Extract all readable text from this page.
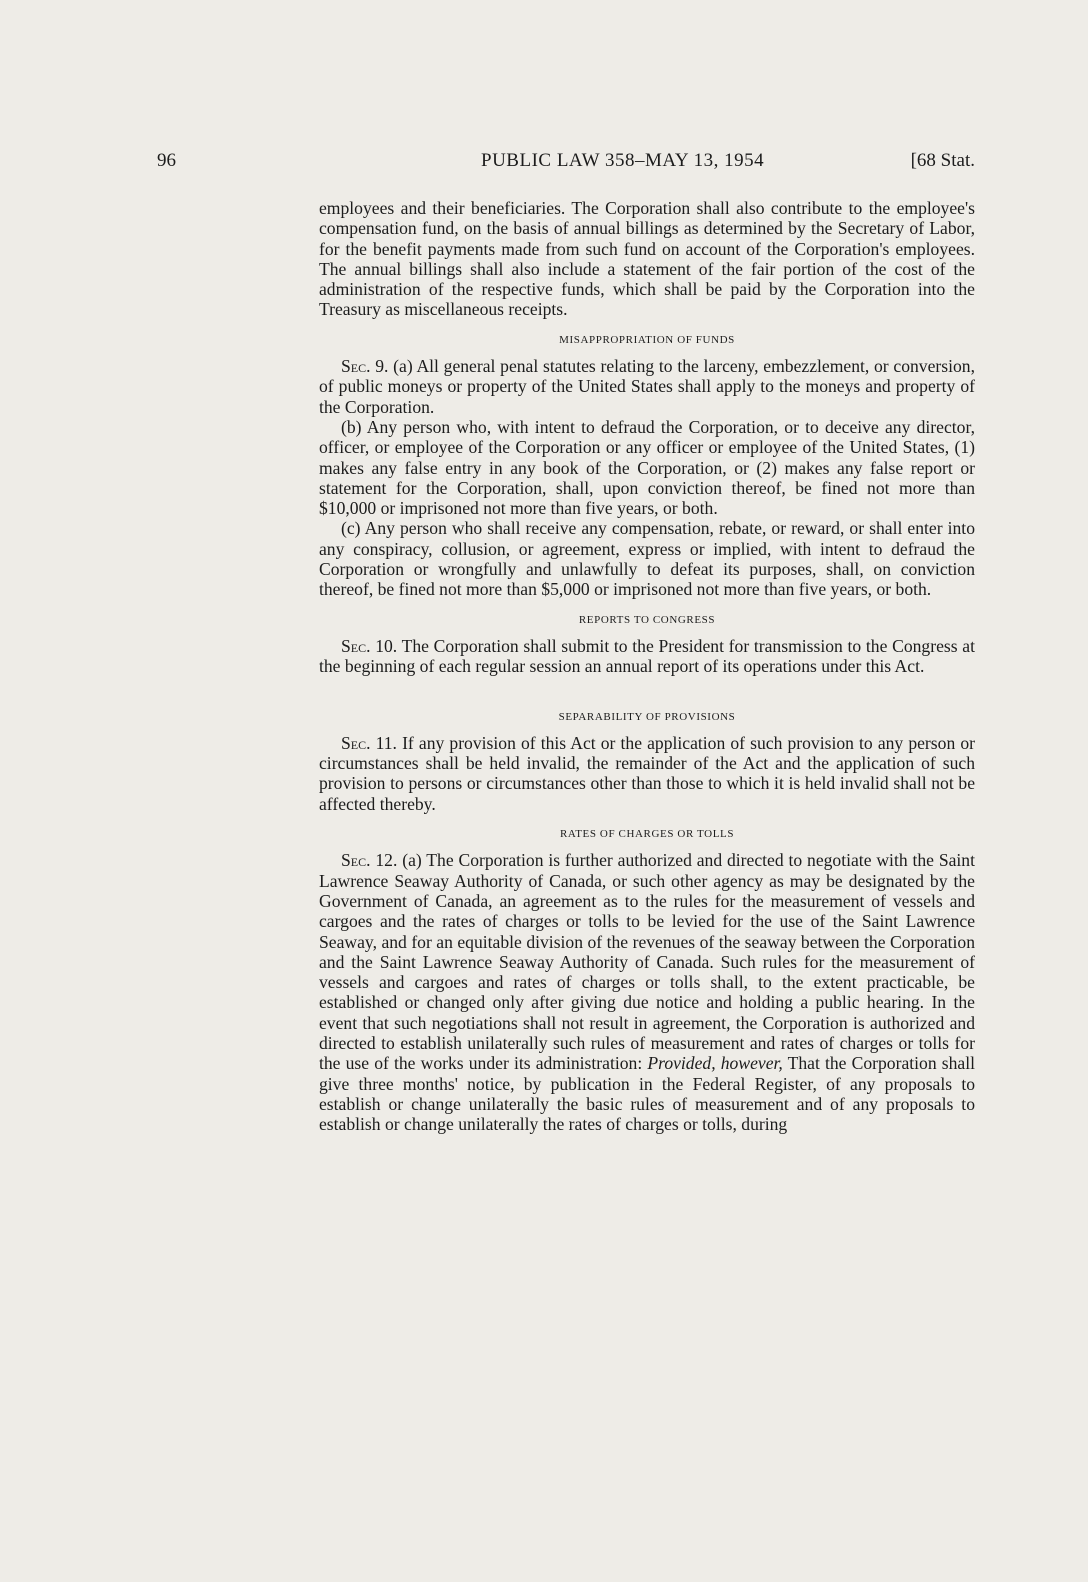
96	PUBLIC LAW 358–MAY 13, 1954	[68 Stat.

employees and their beneficiaries. The Corporation shall also contribute to the employee's compensation fund, on the basis of annual billings as determined by the Secretary of Labor, for the benefit payments made from such fund on account of the Corporation's employees. The annual billings shall also include a statement of the fair portion of the cost of the administration of the respective funds, which shall be paid by the Corporation into the Treasury as miscellaneous receipts.

MISAPPROPRIATION OF FUNDS

Sec. 9. (a) All general penal statutes relating to the larceny, embezzlement, or conversion, of public moneys or property of the United States shall apply to the moneys and property of the Corporation.

(b) Any person who, with intent to defraud the Corporation, or to deceive any director, officer, or employee of the Corporation or any officer or employee of the United States, (1) makes any false entry in any book of the Corporation, or (2) makes any false report or statement for the Corporation, shall, upon conviction thereof, be fined not more than $10,000 or imprisoned not more than five years, or both.

(c) Any person who shall receive any compensation, rebate, or reward, or shall enter into any conspiracy, collusion, or agreement, express or implied, with intent to defraud the Corporation or wrongfully and unlawfully to defeat its purposes, shall, on conviction thereof, be fined not more than $5,000 or imprisoned not more than five years, or both.

REPORTS TO CONGRESS

Sec. 10. The Corporation shall submit to the President for transmission to the Congress at the beginning of each regular session an annual report of its operations under this Act.

SEPARABILITY OF PROVISIONS

Sec. 11. If any provision of this Act or the application of such provision to any person or circumstances shall be held invalid, the remainder of the Act and the application of such provision to persons or circumstances other than those to which it is held invalid shall not be affected thereby.

RATES OF CHARGES OR TOLLS

Sec. 12. (a) The Corporation is further authorized and directed to negotiate with the Saint Lawrence Seaway Authority of Canada, or such other agency as may be designated by the Government of Canada, an agreement as to the rules for the measurement of vessels and cargoes and the rates of charges or tolls to be levied for the use of the Saint Lawrence Seaway, and for an equitable division of the revenues of the seaway between the Corporation and the Saint Lawrence Seaway Authority of Canada. Such rules for the measurement of vessels and cargoes and rates of charges or tolls shall, to the extent practicable, be established or changed only after giving due notice and holding a public hearing. In the event that such negotiations shall not result in agreement, the Corporation is authorized and directed to establish unilaterally such rules of measurement and rates of charges or tolls for the use of the works under its administration: Provided, however, That the Corporation shall give three months' notice, by publication in the Federal Register, of any proposals to establish or change unilaterally the basic rules of measurement and of any proposals to establish or change unilaterally the rates of charges or tolls, during
